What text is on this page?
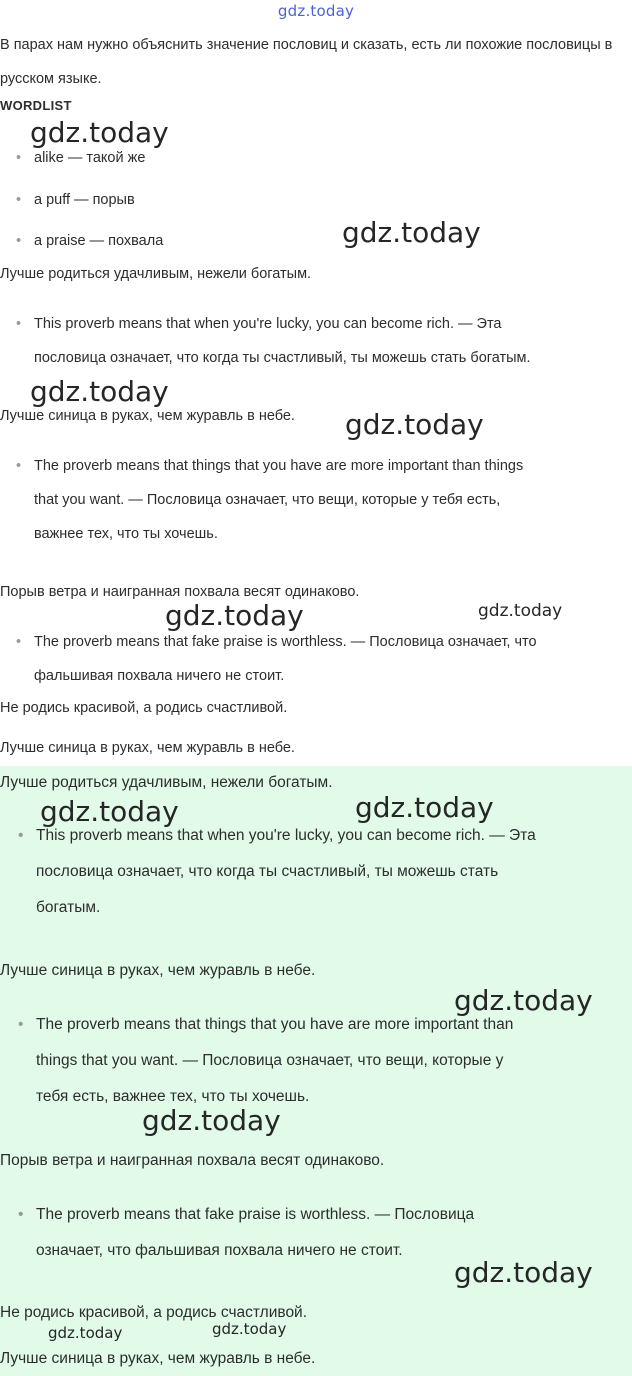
gdz.today

В парах нам нужно объяснить значение пословиц и сказать, есть ли похожие пословицы в русском языке.

WORDLIST
• alike — такой же
• a puff — порыв
• a praise — похвала

Лучше родиться удачливым, нежели богатым.

• This proverb means that when you're lucky, you can become rich. — Эта
пословица означает, что когда ты счастливый, ты можешь стать богатым.

Лучше синица в руках, чем журавль в небе.

• The proverb means that things that you have are more important than things
that you want. — Пословица означает, что вещи, которые у тебя есть,
важнее тех, что ты хочешь.

Порыв ветра и наигранная похвала весят одинаково.

• The proverb means that fake praise is worthless. — Пословица означает, что
фальшивая похвала ничего не стоит.

Не родись красивой, а родись счастливой.

Лучше синица в руках, чем журавль в небе.

Лучше родиться удачливым, нежели богатым.

• This proverb means that when you're lucky, you can become rich. — Эта
пословица означает, что когда ты счастливый, ты можешь стать
богатым.

Лучше синица в руках, чем журавль в небе.

• The proverb means that things that you have are more important than
things that you want. — Пословица означает, что вещи, которые у
тебя есть, важнее тех, что ты хочешь.

Порыв ветра и наигранная похвала весят одинаково.

• The proverb means that fake praise is worthless. — Пословица
означает, что фальшивая похвала ничего не стоит.

Не родись красивой, а родись счастливой.

Лучше синица в руках, чем журавль в небе.

gdz.today
gdz.today
gdz.today
gdz.today
gdz.today	gdz.today
gdz.today	gdz.today
gdz.today
gdz.today
gdz.today
gdz.today	gdz.today
